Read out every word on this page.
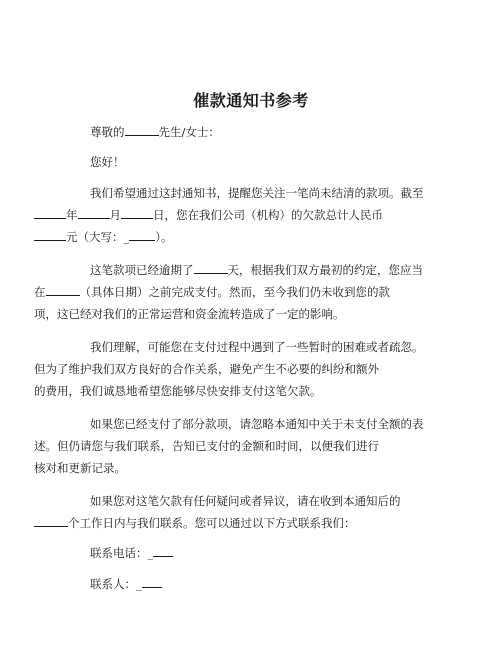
催款通知书参考
尊敬的	先生/女士：
您好！
我们希望通过这封通知书，提醒您关注一笔尚未结清的款项。截至
年	月	日，您在我们公司（机构）的欠款总计人民币
元（大写：_ ）。
这笔款项已经逾期了	天，根据我们双方最初的约定，您应当
在	（具体日期）之前完成支付。然而，至今我们仍未收到您的款
项，这已经对我们的正常运营和资金流转造成了一定的影响。
我们理解，可能您在支付过程中遇到了一些暂时的困难或者疏忽。
但为了维护我们双方良好的合作关系，避免产生不必要的纠纷和额外
的费用，我们诚恳地希望您能够尽快安排支付这笔欠款。
如果您已经支付了部分款项，请忽略本通知中关于未支付全额的表
述。但仍请您与我们联系，告知已支付的金额和时间，以便我们进行
核对和更新记录。
如果您对这笔欠款有任何疑问或者异议，请在收到本通知后的
个工作日内与我们联系。您可以通过以下方式联系我们：
联系电话：_
联系人：_
